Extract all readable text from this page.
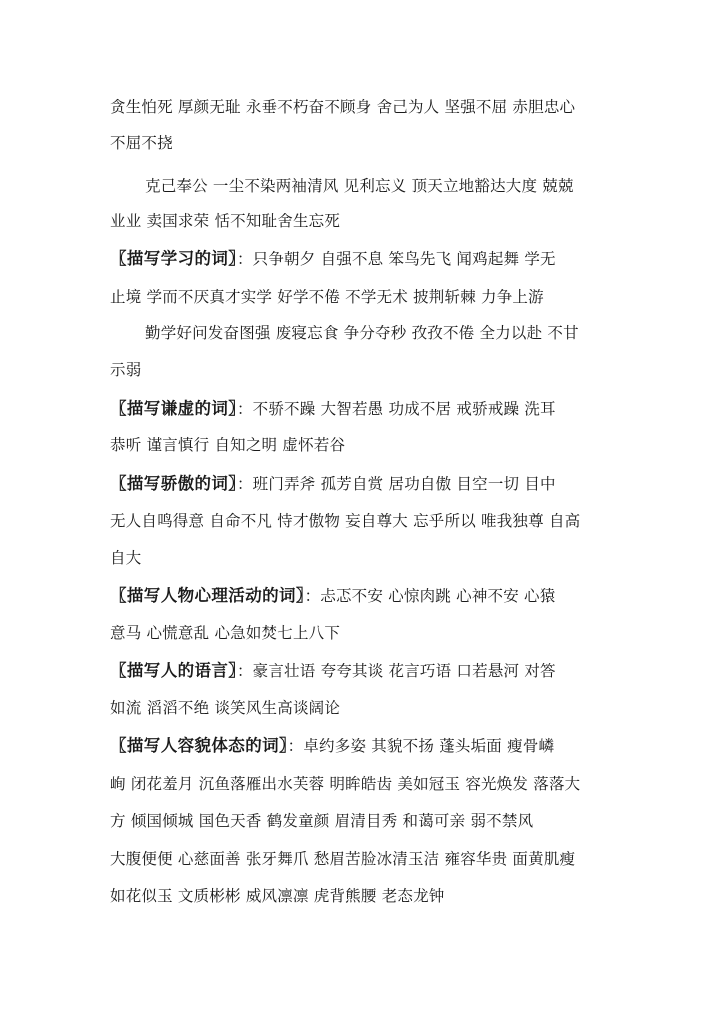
贪生怕死 厚颜无耻 永垂不朽奋不顾身 舍己为人 坚强不屈 赤胆忠心
不屈不挠
克己奉公 一尘不染两袖清风 见利忘义 顶天立地豁达大度 兢兢
业业 卖国求荣 恬不知耻舍生忘死
〖描写学习的词〗：只争朝夕 自强不息 笨鸟先飞 闻鸡起舞 学无
止境 学而不厌真才实学 好学不倦 不学无术 披荆斩棘 力争上游
勤学好问发奋图强 废寝忘食 争分夺秒 孜孜不倦 全力以赴 不甘
示弱
〖描写谦虚的词〗：不骄不躁 大智若愚 功成不居 戒骄戒躁 洗耳
恭听 谨言慎行 自知之明 虚怀若谷
〖描写骄傲的词〗：班门弄斧 孤芳自赏 居功自傲 目空一切 目中
无人自鸣得意 自命不凡 恃才傲物 妄自尊大 忘乎所以 唯我独尊 自高
自大
〖描写人物心理活动的词〗：忐忑不安 心惊肉跳 心神不安 心猿
意马 心慌意乱 心急如焚七上八下
〖描写人的语言〗：豪言壮语 夸夸其谈 花言巧语 口若悬河 对答
如流 滔滔不绝 谈笑风生高谈阔论
〖描写人容貌体态的词〗：卓约多姿 其貌不扬 蓬头垢面 瘦骨嶙
峋 闭花羞月 沉鱼落雁出水芙蓉 明眸皓齿 美如冠玉 容光焕发 落落大
方 倾国倾城 国色天香 鹤发童颜 眉清目秀 和蔼可亲 弱不禁风
大腹便便 心慈面善 张牙舞爪 愁眉苦脸冰清玉洁 雍容华贵 面黄肌瘦
如花似玉 文质彬彬 威风凛凛 虎背熊腰 老态龙钟
